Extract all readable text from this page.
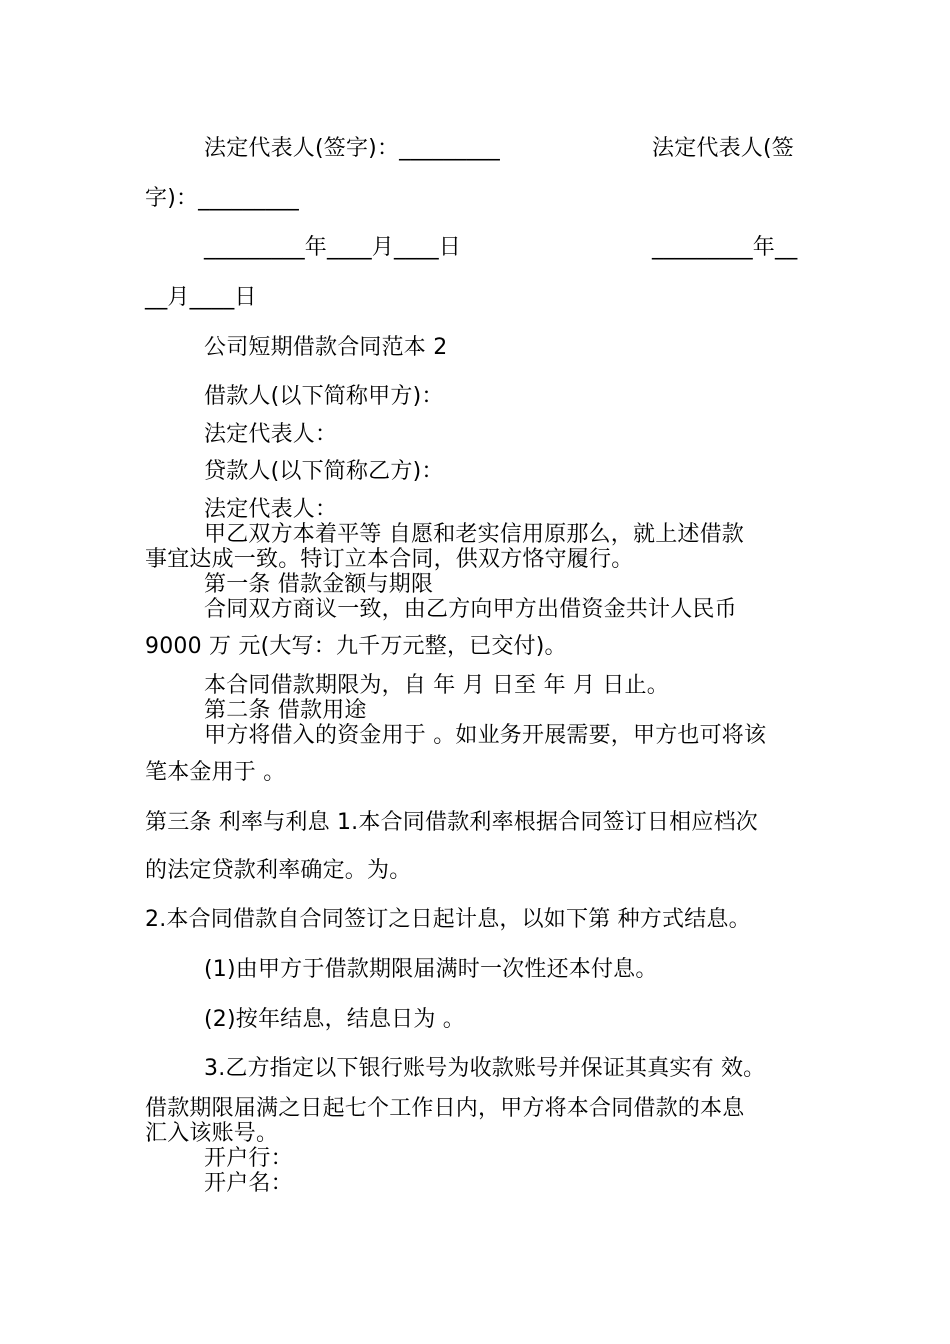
法定代表人(签字)：_________	法定代表人(签
字)：_________
_________年____月____日	_________年__
__月____日
公司短期借款合同范本 2
借款人(以下简称甲方)：
法定代表人：
贷款人(以下简称乙方)：
法定代表人：
甲乙双方本着平等 自愿和老实信用原那么，就上述借款
事宜达成一致。特订立本合同，供双方恪守履行。
第一条 借款金额与期限
合同双方商议一致，由乙方向甲方出借资金共计人民币
9000 万 元(大写：九千万元整，已交付)。
本合同借款期限为，自 年 月 日至 年 月 日止。
第二条 借款用途
甲方将借入的资金用于 。如业务开展需要，甲方也可将该
笔本金用于 。
第三条 利率与利息 1.本合同借款利率根据合同签订日相应档次
的法定贷款利率确定。为。
2.本合同借款自合同签订之日起计息，以如下第 种方式结息。
(1)由甲方于借款期限届满时一次性还本付息。
(2)按年结息，结息日为 。
3.乙方指定以下银行账号为收款账号并保证其真实有 效。
借款期限届满之日起七个工作日内，甲方将本合同借款的本息
汇入该账号。
开户行：
开户名：
